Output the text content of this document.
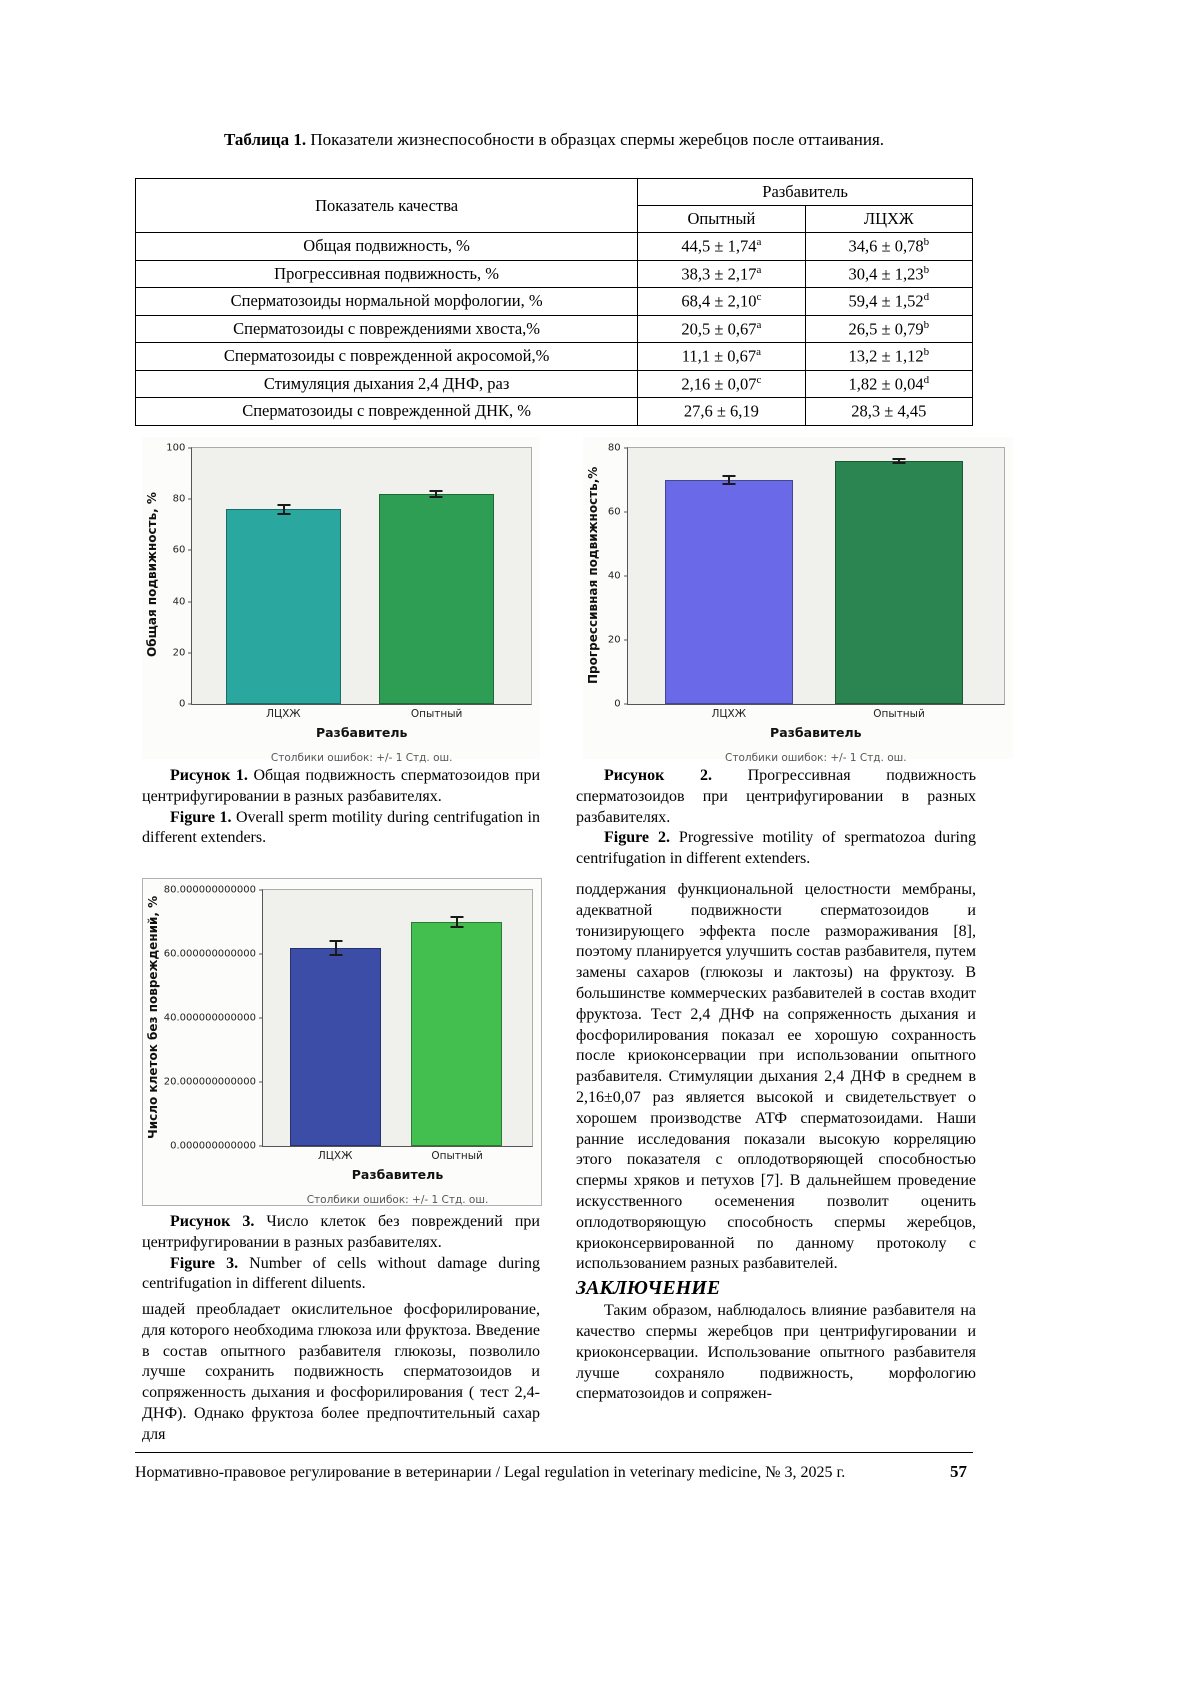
Таблица 1. Показатели жизнеспособности в образцах спермы жеребцов после оттаивания.
Показатель качества	Разбавитель	
	Опытный	ЛЦХЖ
Общая подвижность, %	44,5 ± 1,74$^a$	34,6 ± 0,78$^b$
Прогрессивная подвижность, %	38,3 ± 2,17$^a$	30,4 ± 1,23$^b$
Сперматозоиды нормальной морфологии, %	68,4 ± 2,10$^c$	59,4 ± 1,52$^d$
Сперматозоиды с повреждениями хвоста,%	20,5 ± 0,67$^a$	26,5 ± 0,79$^b$
Сперматозоиды с поврежденной акросомой,%	11,1 ± 0,67$^a$	13,2 ± 1,12$^b$
Стимуляция дыхания 2,4 ДНФ, раз	2,16 ± 0,07$^c$	1,82 ± 0,04$^d$
Сперматозоиды с поврежденной ДНК, %	27,6 ± 6,19	28,3 ± 4,45
Общая подвижность, %
0
20
40
60
80
100
ЛЦХЖ	Опытный
Разбавитель
Столбики ошибок: +/- 1 Стд. ош.
Прогрессивная подвижность,%
0
20
40
60
80
ЛЦХЖ	Опытный
Разбавитель
Столбики ошибок: +/- 1 Стд. ош.
Число клеток без повреждений, %
0.000000000000
20.000000000000
40.000000000000
60.000000000000
80.000000000000
ЛЦХЖ	Опытный
Разбавитель
Столбики ошибок: +/- 1 Стд. ош.

Рисунок 1. Общая подвижность сперматозоидов при центрифугировании в разных разбавителях.

Figure 1. Overall sperm motility during centrifugation in different extenders.

Рисунок 2. Прогрессивная подвижность сперматозоидов при центрифугировании в разных разбавителях.

Figure 2. Progressive motility of spermatozoa during centrifugation in different extenders.

Рисунок 3. Число клеток без повреждений при центрифугировании в разных разбавителях.

Figure 3. Number of cells without damage during centrifugation in different diluents.

шадей преобладает окислительное фосфорилирование, для которого необходима глюкоза или фруктоза. Введение в состав опытного разбавителя глюкозы, позволило лучше сохранить подвижность сперматозоидов и сопряженность дыхания и фосфорилирования ( тест 2,4-ДНФ). Однако фруктоза более предпочтительный сахар для

поддержания функциональной целостности мембраны, адекватной подвижности сперматозоидов и тонизирующего эффекта после размораживания [8], поэтому планируется улучшить состав разбавителя, путем замены сахаров (глюкозы и лактозы) на фруктозу. В большинстве коммерческих разбавителей в состав входит фруктоза. Тест 2,4 ДНФ на сопряженность дыхания и фосфорилирования показал ее хорошую сохранность после криоконсервации при использовании опытного разбавителя. Стимуляции дыхания 2,4 ДНФ в среднем в 2,16±0,07 раз является высокой и свидетельствует о хорошем производстве АТФ сперматозоидами. Наши ранние исследования показали высокую корреляцию этого показателя с оплодотворяющей способностью спермы хряков и петухов [7]. В дальнейшем проведение искусственного осеменения позволит оценить оплодотворяющую способность спермы жеребцов, криоконсервированной по данному протоколу с использованием разных разбавителей.

ЗАКЛЮЧЕНИЕ

Таким образом, наблюдалось влияние разбавителя на качество спермы жеребцов при центрифугировании и криоконсервации. Использование опытного разбавителя лучше сохраняло подвижность, морфологию сперматозоидов и сопряжен-

Нормативно-правовое регулирование в ветеринарии / Legal regulation in veterinary medicine, № 3, 2025 г.	57
